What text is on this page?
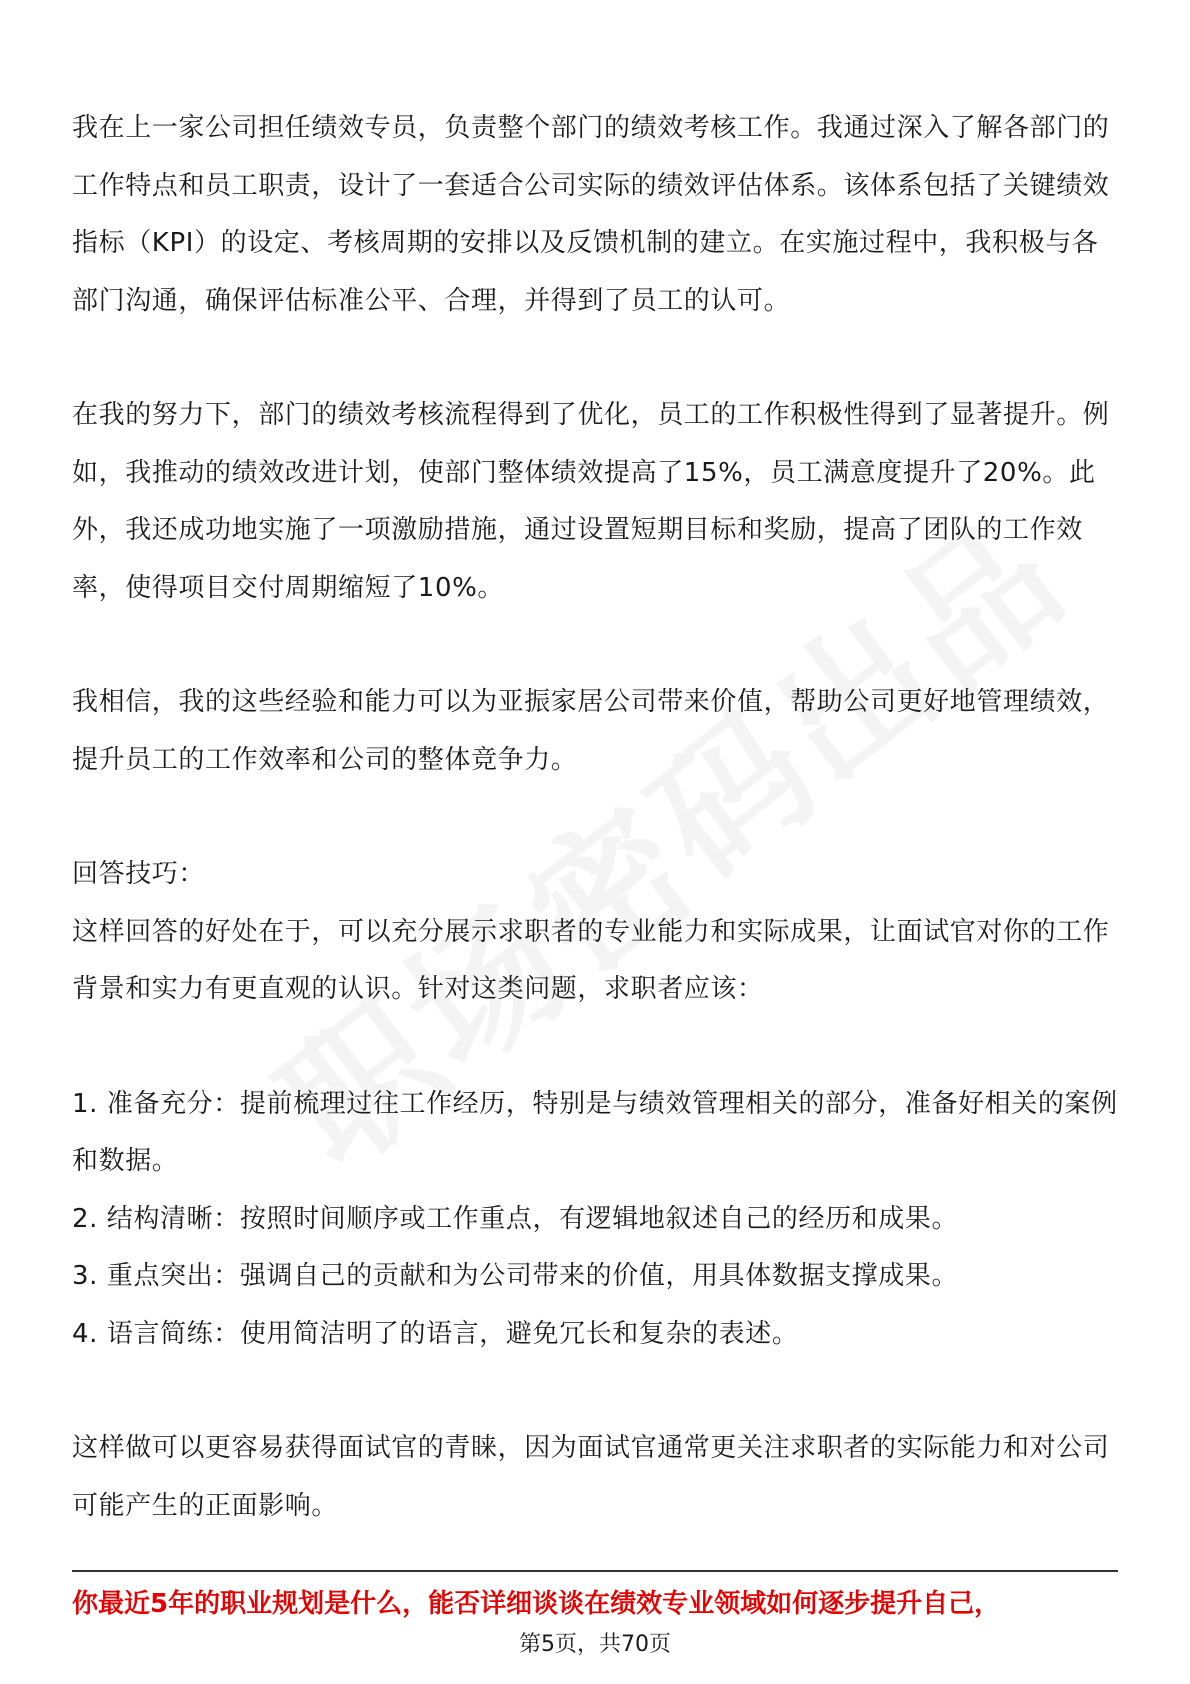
我在上一家公司担任绩效专员，负责整个部门的绩效考核工作。我通过深入了解各部门的工作特点和员工职责，设计了一套适合公司实际的绩效评估体系。该体系包括了关键绩效指标（KPI）的设定、考核周期的安排以及反馈机制的建立。在实施过程中，我积极与各部门沟通，确保评估标准公平、合理，并得到了员工的认可。

在我的努力下，部门的绩效考核流程得到了优化，员工的工作积极性得到了显著提升。例如，我推动的绩效改进计划，使部门整体绩效提高了15%，员工满意度提升了20%。此外，我还成功地实施了一项激励措施，通过设置短期目标和奖励，提高了团队的工作效率，使得项目交付周期缩短了10%。

我相信，我的这些经验和能力可以为亚振家居公司带来价值，帮助公司更好地管理绩效，提升员工的工作效率和公司的整体竞争力。

回答技巧：

这样回答的好处在于，可以充分展示求职者的专业能力和实际成果，让面试官对你的工作背景和实力有更直观的认识。针对这类问题，求职者应该：

1. 准备充分：提前梳理过往工作经历，特别是与绩效管理相关的部分，准备好相关的案例和数据。

2. 结构清晰：按照时间顺序或工作重点，有逻辑地叙述自己的经历和成果。

3. 重点突出：强调自己的贡献和为公司带来的价值，用具体数据支撑成果。

4. 语言简练：使用简洁明了的语言，避免冗长和复杂的表述。

这样做可以更容易获得面试官的青睐，因为面试官通常更关注求职者的实际能力和对公司可能产生的正面影响。

你最近5年的职业规划是什么，能否详细谈谈在绩效专业领域如何逐步提升自己，
第5页，共70页
